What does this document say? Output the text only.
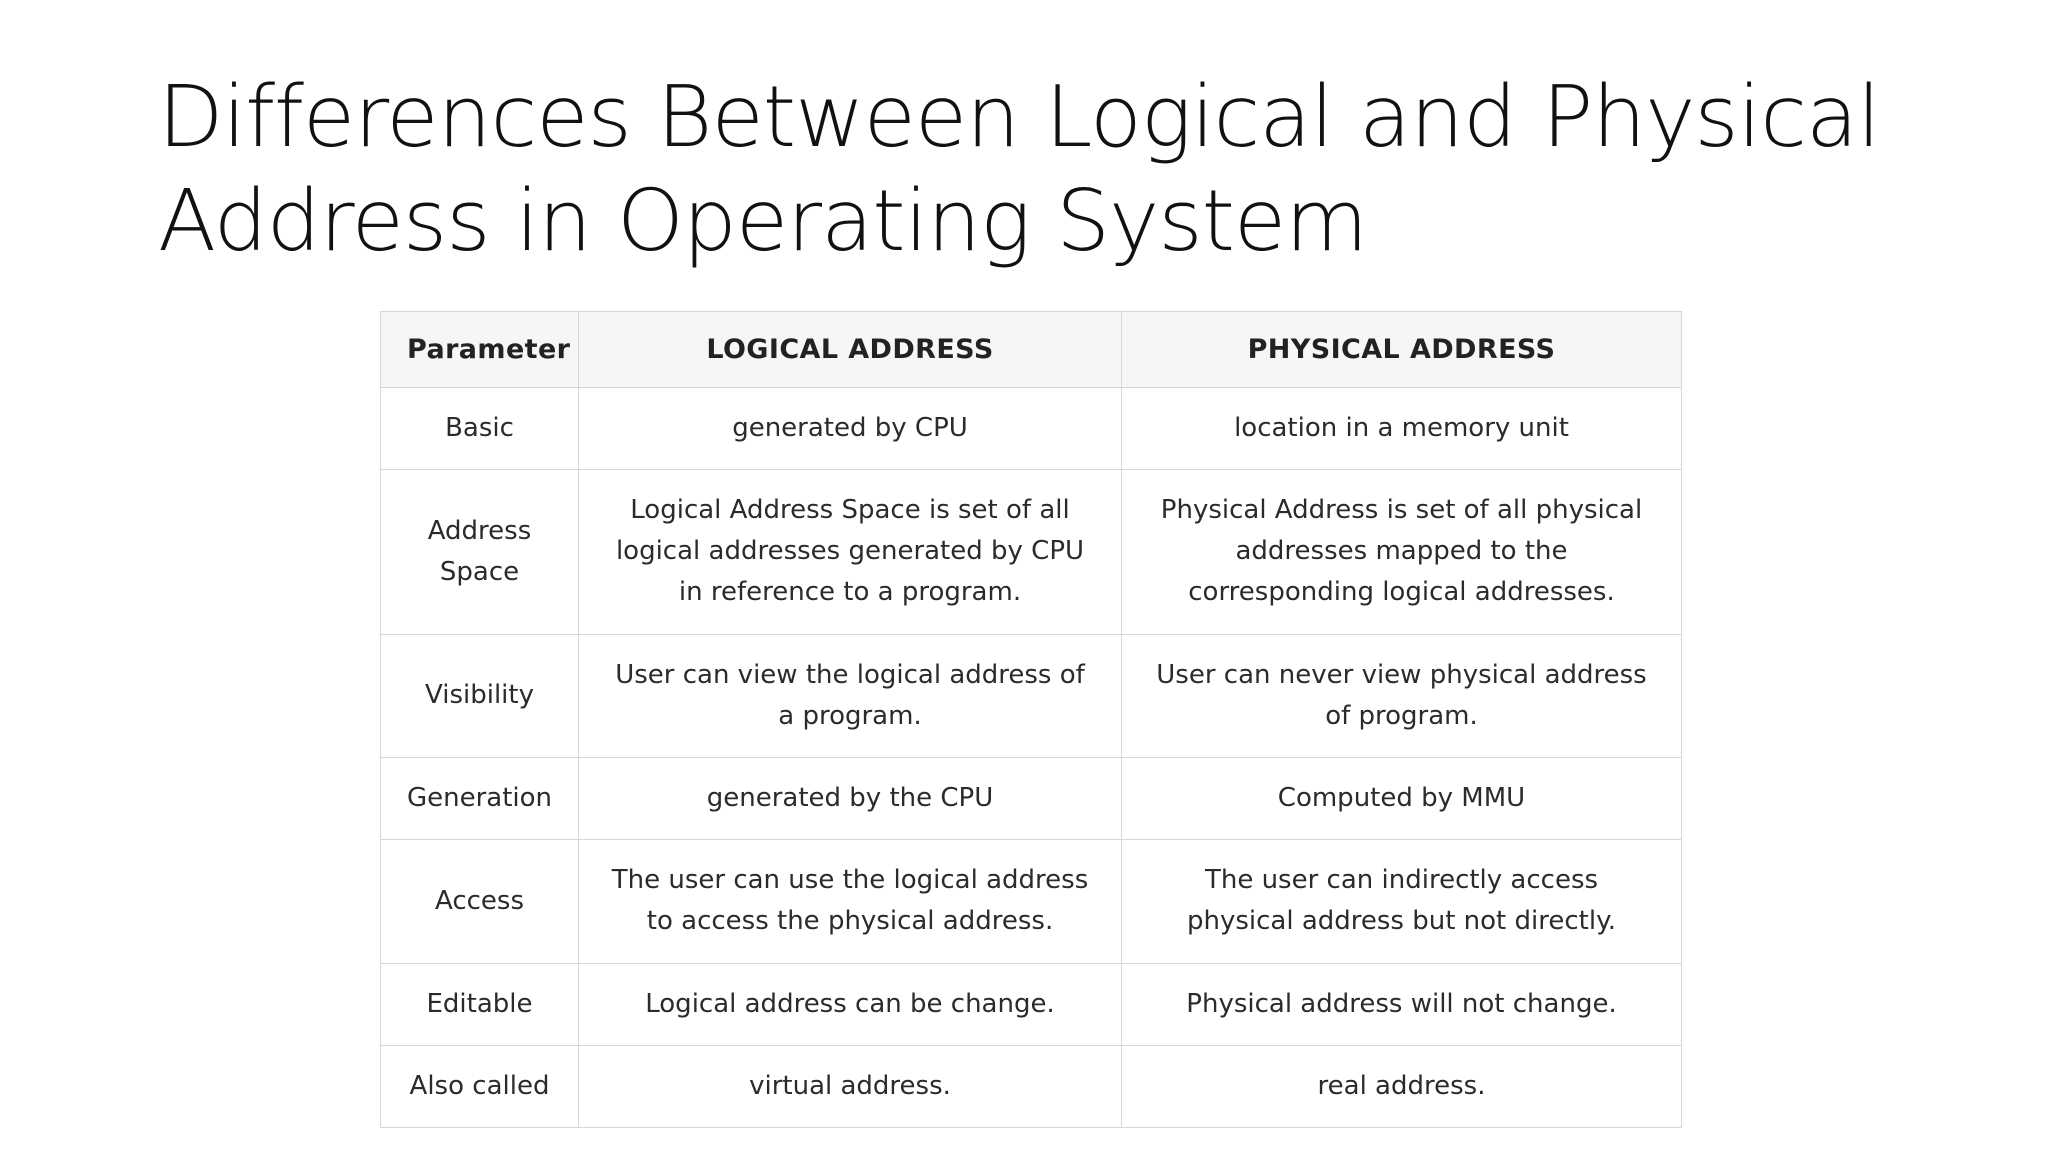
Differences Between Logical and Physical Address in Operating System
Parameter	LOGICAL ADDRESS	PHYSICAL ADDRESS
Basic	generated by CPU	location in a memory unit
Address Space	Logical Address Space is set of all logical addresses generated by CPU in reference to a program.	Physical Address is set of all physical addresses mapped to the corresponding logical addresses.
Visibility	User can view the logical address of a program.	User can never view physical address of program.
Generation	generated by the CPU	Computed by MMU
Access	The user can use the logical address to access the physical address.	The user can indirectly access physical address but not directly.
Editable	Logical address can be change.	Physical address will not change.
Also called	virtual address.	real address.
